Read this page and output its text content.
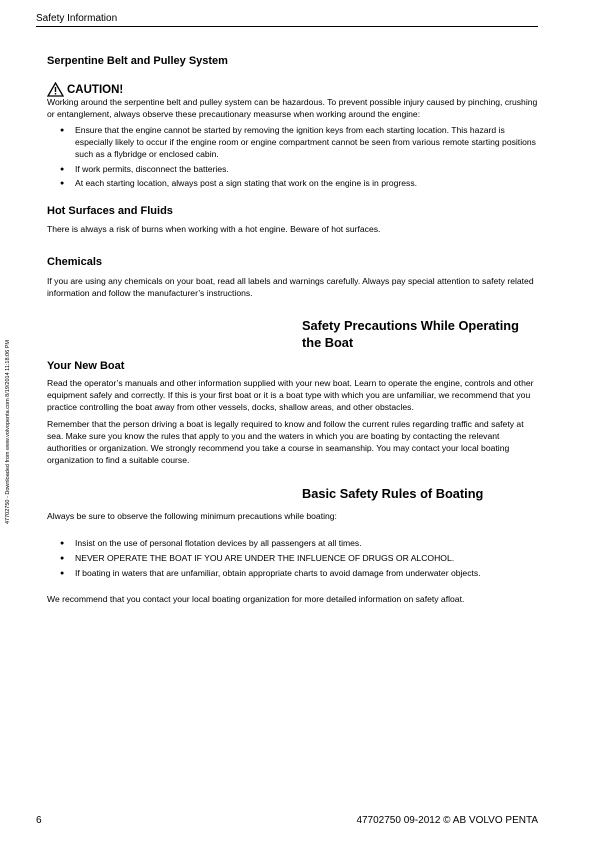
Safety Information
47702750 - Downloaded from www.volvopenta.com 8/19/2014 11:18:06 PM
Serpentine Belt and Pulley System
CAUTION!

Working around the serpentine belt and pulley system can be hazardous. To prevent possible injury caused by pinching, crushing or entanglement, always observe these precautionary measurse when working around the engine:

● Ensure that the engine cannot be started by removing the ignition keys from each starting location. This hazard is especially likely to occur if the engine room or engine compartment cannot be seen from various remote starting positions such as a flybridge or enclosed cabin.
● If work permits, disconnect the batteries.
● At each starting location, always post a sign stating that work on the engine is in progress.
Hot Surfaces and Fluids

There is always a risk of burns when working with a hot engine. Beware of hot surfaces.

Chemicals

If you are using any chemicals on your boat, read all labels and warnings carefully. Always pay special attention to safety related information and follow the manufacturer’s instructions.

Safety Precautions While Operating
the Boat
Your New Boat

Read the operator’s manuals and other information supplied with your new boat. Learn to operate the engine, controls and other equipment safely and correctly. If this is your first boat or it is a boat type with which you are unfamiliar, we recommend that you practice controlling the boat away from other vessels, docks, shallow areas, and other obstacles.

Remember that the person driving a boat is legally required to know and follow the current rules regarding traffic and safety at sea. Make sure you know the rules that apply to you and the waters in which you are boating by contacting the relevant authorities or organization. We strongly recommend you take a course in seamanship. You may contact your local boating organization to find a suitable course.

Basic Safety Rules of Boating

Always be sure to observe the following minimum precautions while boating:

● Insist on the use of personal flotation devices by all passengers at all times.
● NEVER OPERATE THE BOAT IF YOU ARE UNDER THE INFLUENCE OF DRUGS OR ALCOHOL.
● If boating in waters that are unfamiliar, obtain appropriate charts to avoid damage from underwater objects.

We recommend that you contact your local boating organization for more detailed information on safety afloat.

6	47702750 09-2012 © AB VOLVO PENTA
